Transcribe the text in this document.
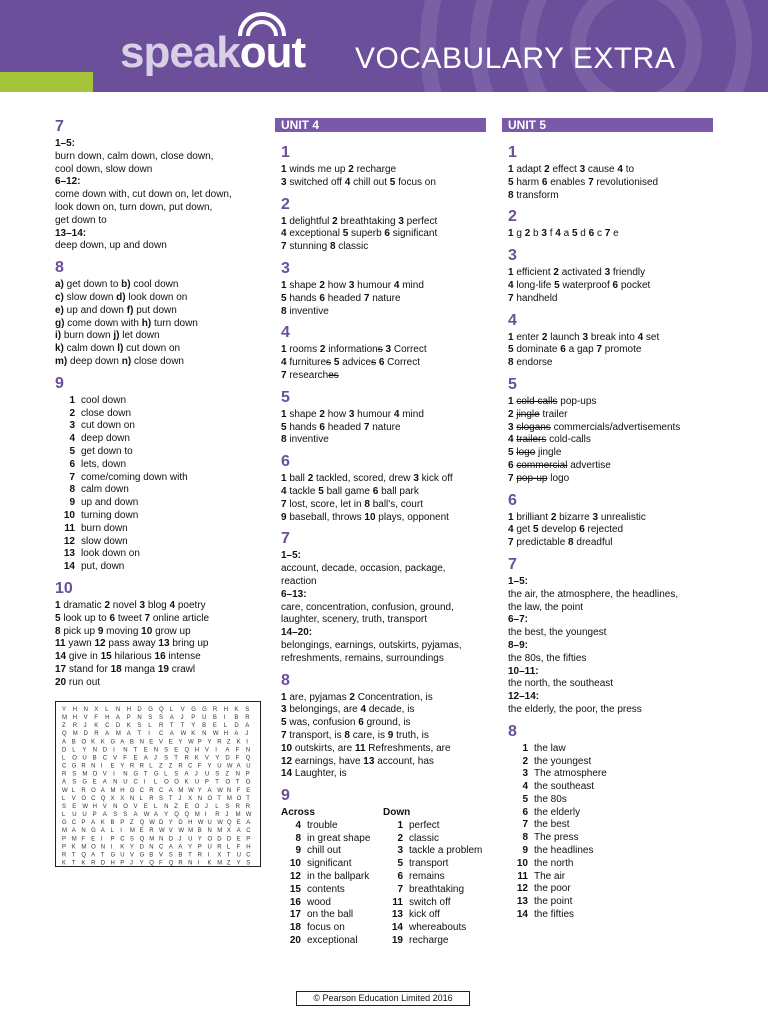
speakout VOCABULARY EXTRA
7
1–5:
burn down, calm down, close down,
cool down, slow down
6–12:
come down with, cut down on, let down,
look down on, turn down, put down,
get down to
13–14:
deep down, up and down
8
a) get down to b) cool down
c) slow down d) look down on
e) up and down f) put down
g) come down with h) turn down
i) burn down j) let down
k) calm down l) cut down on
m) deep down n) close down
9
1 cool down
2 close down
3 cut down on
4 deep down
5 get down to
6 lets, down
7 come/coming down with
8 calm down
9 up and down
10 turning down
11 burn down
12 slow down
13 look down on
14 put, down
10
1 dramatic 2 novel 3 blog 4 poetry
5 look up to 6 tweet 7 online article
8 pick up 9 moving 10 grow up
11 yawn 12 pass away 13 bring up
14 give in 15 hilarious 16 intense
17 stand for 18 manga 19 crawl
20 run out
Y H N X L N H D G Q L V G G R H K S
M H V F H A P N S S A J P U B I B R
Z R J K C D K S L R T T Y B E L D A
Q M D R A M A T I C A W K N W H A J
A B O K K G A B N E V E Y W P Y R Z K I
D L Y N D I N T E N S E Q H V I A F N
L O U B C V F E A J S T R K V Y D F Q
C G R N I E Y R R L Z Z R C F Y U W A U
R S M O V I N G T G L S A J U S Z N P
A S G E A N U C I L O O K U P T O T O
W L R O A M H G C R C A M W Y A W N F E
L V O C Q X X N L R S T J X N O T M O T
S E W H V N O V E L N Z E O J L S R R
L U U P A S S A W A Y Q Q M I R J M W
G C P A K B P Z Q W D Y D H W U W Q E A
M A N G A L I M E R W V W M B N M X A C
P M F E I P C S Q M N D J U Y O D D E P
P K M O N I K Y D N C A A Y P U R L F H
R T Q A T G U V G B V S B T R I X T U C
K T K R D H P J Y Q F Q R N I K M Z Y S
UNIT 4
1
1 winds me up 2 recharge
3 switched off 4 chill out 5 focus on
2
1 delightful 2 breathtaking 3 perfect
4 exceptional 5 superb 6 significant
7 stunning 8 classic
3
1 shape 2 how 3 humour 4 mind
5 hands 6 headed 7 nature
8 inventive
4
1 rooms 2 informations 3 Correct
4 furnitures 5 advices 6 Correct
7 researches
5
1 shape 2 how 3 humour 4 mind
5 hands 6 headed 7 nature
8 inventive
6
1 ball 2 tackled, scored, drew 3 kick off
4 tackle 5 ball game 6 ball park
7 lost, score, let in 8 ball's, court
9 baseball, throws 10 plays, opponent
7
1–5:
account, decade, occasion, package,
reaction
6–13:
care, concentration, confusion, ground,
laughter, scenery, truth, transport
14–20:
belongings, earnings, outskirts, pyjamas,
refreshments, remains, surroundings
8
1 are, pyjamas 2 Concentration, is
3 belongings, are 4 decade, is
5 was, confusion 6 ground, is
7 transport, is 8 care, is 9 truth, is
10 outskirts, are 11 Refreshments, are
12 earnings, have 13 account, has
14 Laughter, is
9
Across
4 trouble
8 in great shape
9 chill out
10 significant
12 in the ballpark
15 contents
16 wood
17 on the ball
18 focus on
20 exceptional
Down
1 perfect
2 classic
3 tackle a problem
5 transport
6 remains
7 breathtaking
11 switch off
13 kick off
14 whereabouts
19 recharge
UNIT 5
1
1 adapt 2 effect 3 cause 4 to
5 harm 6 enables 7 revolutionised
8 transform
2
1 g 2 b 3 f 4 a 5 d 6 c 7 e
3
1 efficient 2 activated 3 friendly
4 long-life 5 waterproof 6 pocket
7 handheld
4
1 enter 2 launch 3 break into 4 set
5 dominate 6 a gap 7 promote
8 endorse
5
1 cold calls pop-ups
2 jingle trailer
3 slogans commercials/advertisements
4 trailers cold-calls
5 logo jingle
6 commercial advertise
7 pop-up logo
6
1 brilliant 2 bizarre 3 unrealistic
4 get 5 develop 6 rejected
7 predictable 8 dreadful
7
1–5:
the air, the atmosphere, the headlines,
the law, the point
6–7:
the best, the youngest
8–9:
the 80s, the fifties
10–11:
the north, the southeast
12–14:
the elderly, the poor, the press
8
1 the law
2 the youngest
3 The atmosphere
4 the southeast
5 the 80s
6 the elderly
7 the best
8 The press
9 the headlines
10 the north
11 The air
12 the poor
13 the point
14 the fifties
© Pearson Education Limited 2016
